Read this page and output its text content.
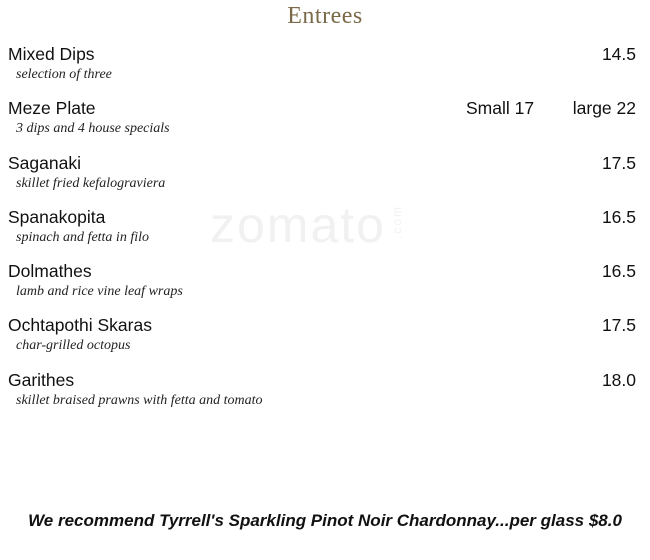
Entrees
zomato .com
Mixed Dips
selection of three
14.5
Meze Plate
3 dips and 4 house specials
Small 17 large 22
Saganaki
skillet fried kefalograviera
17.5
Spanakopita
spinach and fetta in filo
16.5
Dolmathes
lamb and rice vine leaf wraps
16.5
Ochtapothi Skaras
char-grilled octopus
17.5
Garithes
skillet braised prawns with fetta and tomato
18.0
We recommend Tyrrell's Sparkling Pinot Noir Chardonnay...per glass $8.0
